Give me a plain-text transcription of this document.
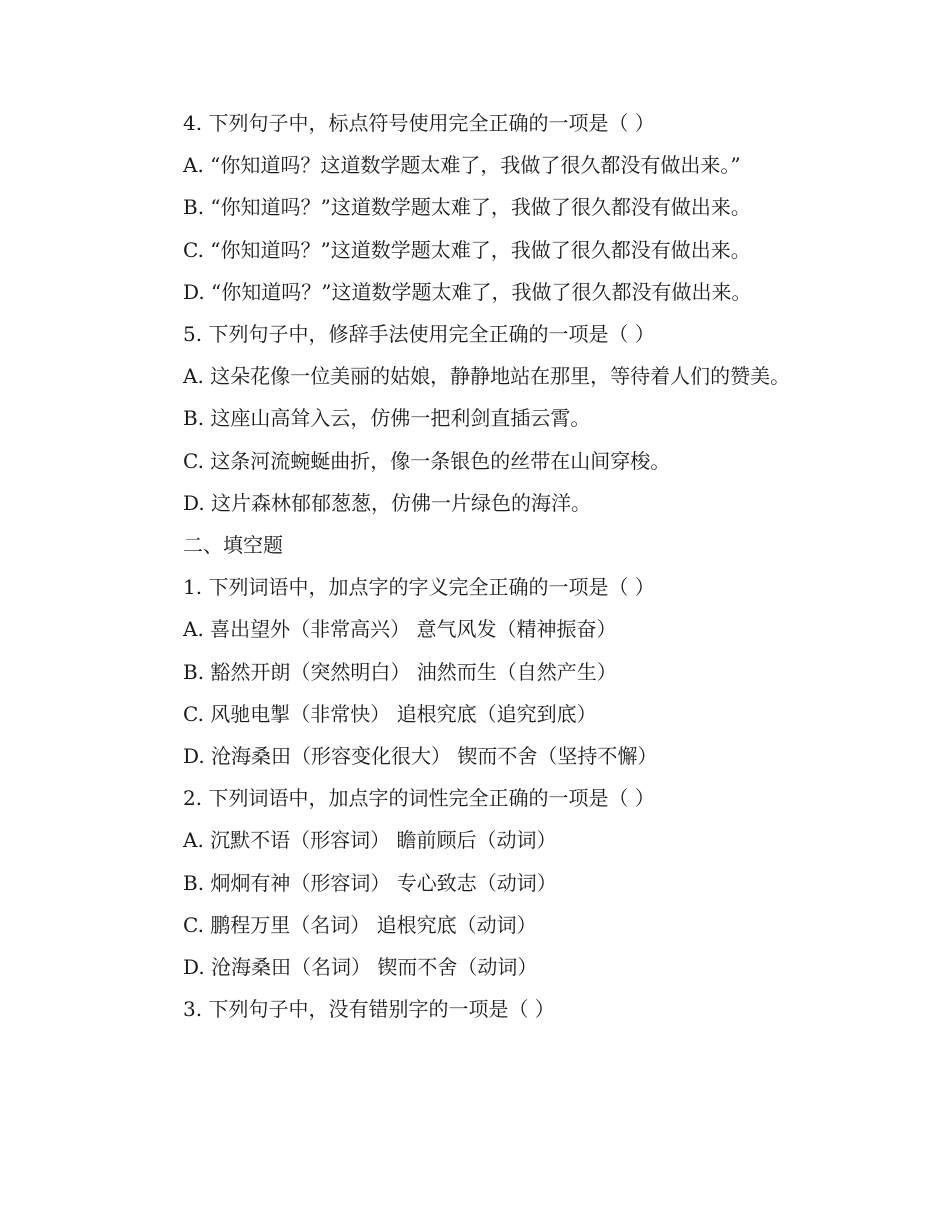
4. 下列句子中，标点符号使用完全正确的一项是（ ）
A. “你知道吗？这道数学题太难了，我做了很久都没有做出来。”
B. “你知道吗？”这道数学题太难了，我做了很久都没有做出来。
C. “你知道吗？”这道数学题太难了，我做了很久都没有做出来。
D. “你知道吗？”这道数学题太难了，我做了很久都没有做出来。
5. 下列句子中，修辞手法使用完全正确的一项是（ ）
A. 这朵花像一位美丽的姑娘，静静地站在那里，等待着人们的赞美。
B. 这座山高耸入云，仿佛一把利剑直插云霄。
C. 这条河流蜿蜒曲折，像一条银色的丝带在山间穿梭。
D. 这片森林郁郁葱葱，仿佛一片绿色的海洋。
二、填空题
1. 下列词语中，加点字的字义完全正确的一项是（ ）
A. 喜出望外（非常高兴） 意气风发（精神振奋）
B. 豁然开朗（突然明白） 油然而生（自然产生）
C. 风驰电掣（非常快） 追根究底（追究到底）
D. 沧海桑田（形容变化很大） 锲而不舍（坚持不懈）
2. 下列词语中，加点字的词性完全正确的一项是（ ）
A. 沉默不语（形容词） 瞻前顾后（动词）
B. 炯炯有神（形容词） 专心致志（动词）
C. 鹏程万里（名词） 追根究底（动词）
D. 沧海桑田（名词） 锲而不舍（动词）
3. 下列句子中，没有错别字的一项是（ ）
